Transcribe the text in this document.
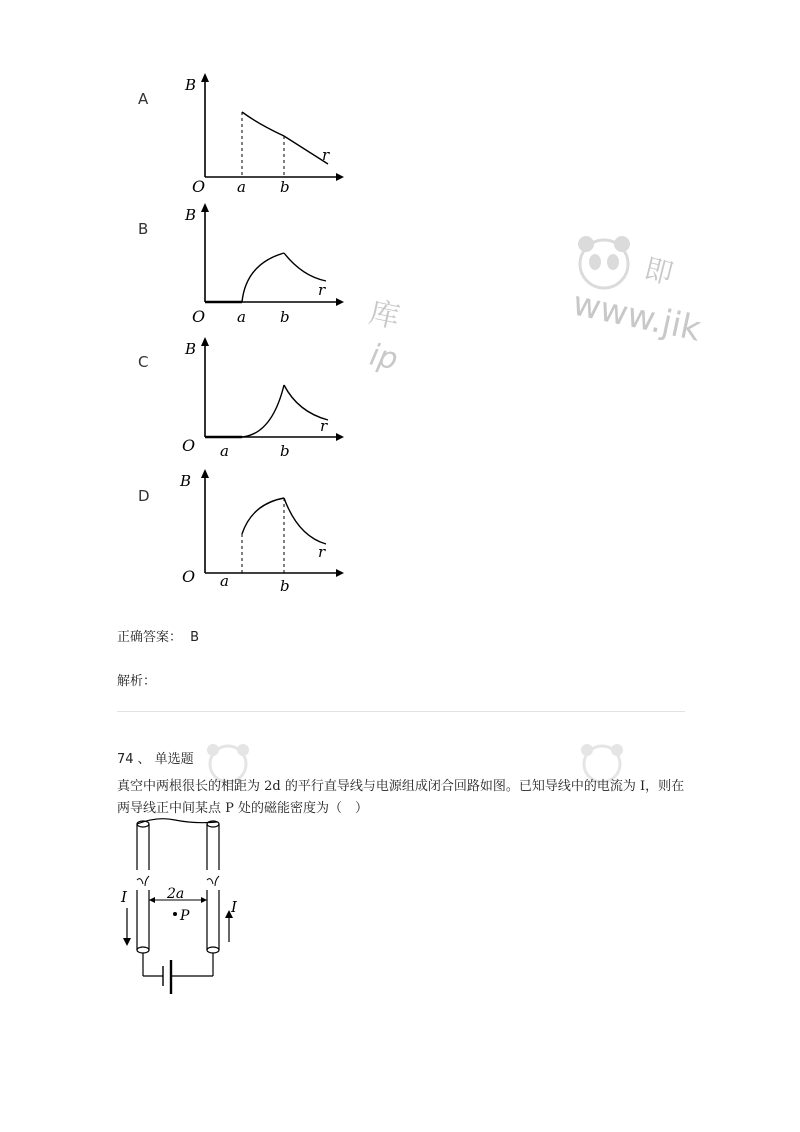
A
B
C
D
B
r
O a b
B
r
O a b
B
r
O a	b
B
r
O a	b
即
www.jik
库
ip
正确答案： B
解析：
74 、 单选题
真空中两根很长的相距为 2d 的平行直导线与电源组成闭合回路如图。已知导线中的电流为 I，则在两导线正中间某点 P 处的磁能密度为（　）
2a
P
I
I
